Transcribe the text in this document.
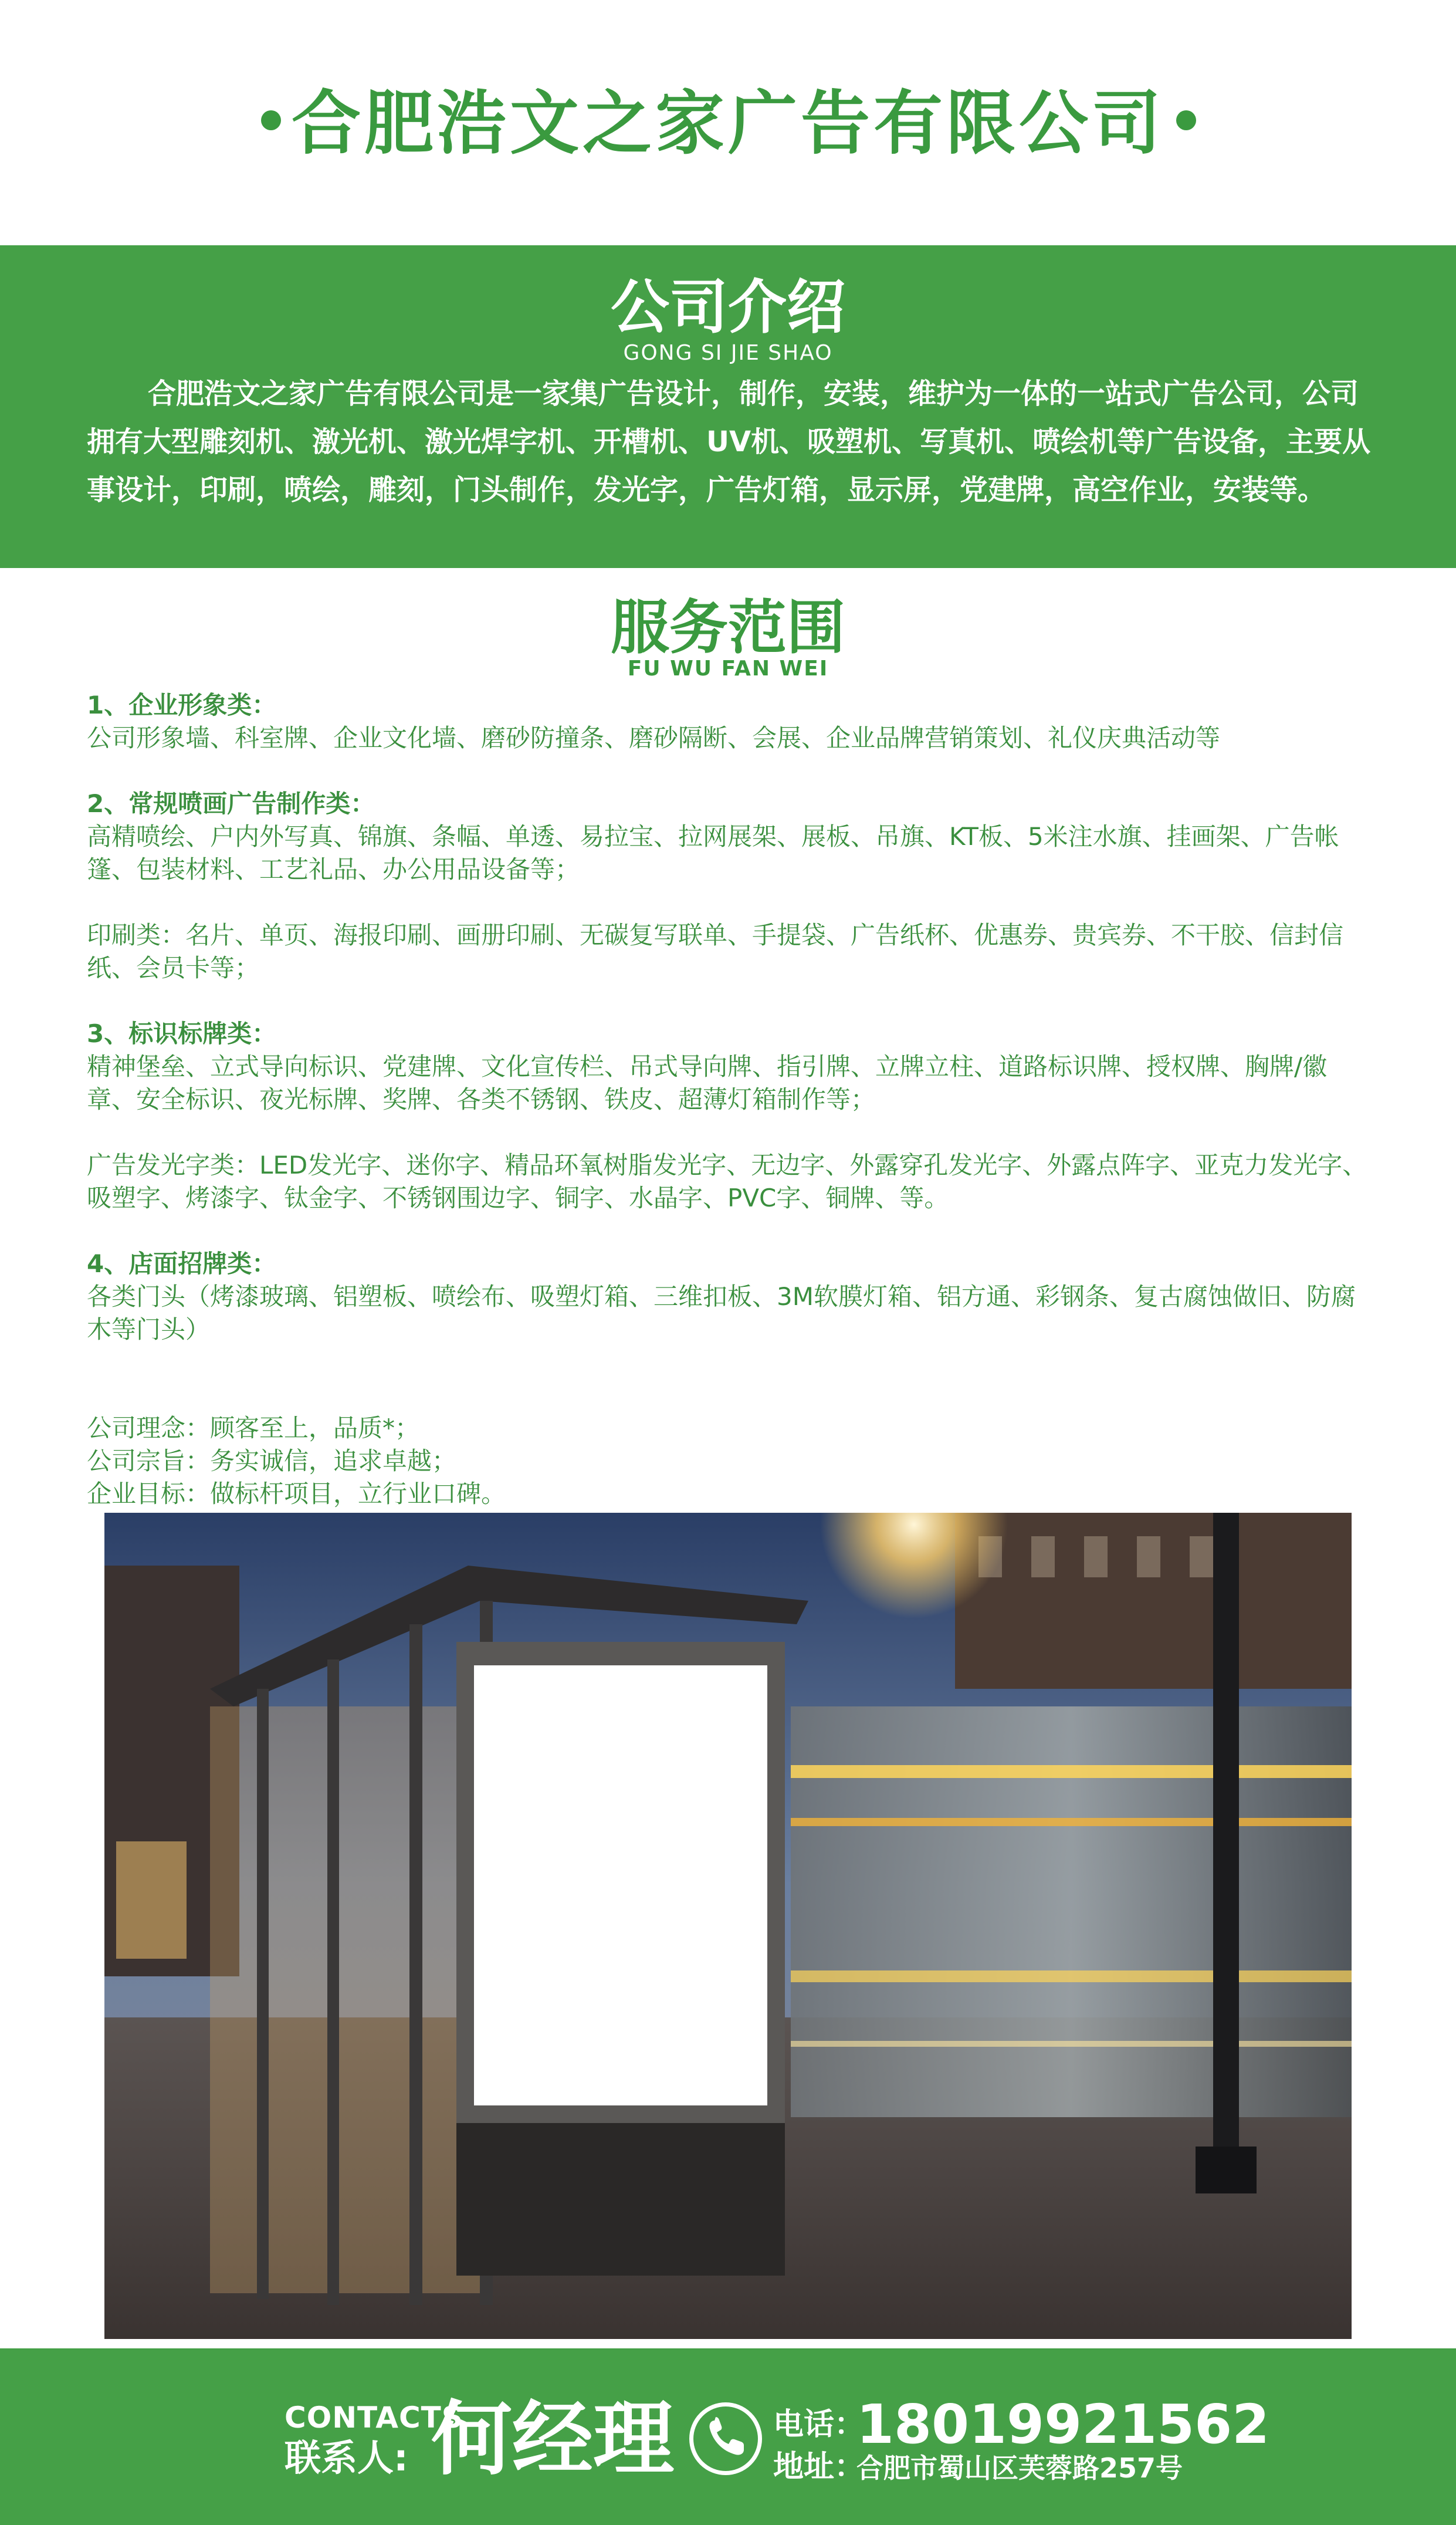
合肥浩文之家广告有限公司
公司介绍
GONG SI JIE SHAO
合肥浩文之家广告有限公司是一家集广告设计，制作，安装，维护为一体的一站式广告公司，公司拥有大型雕刻机、激光机、激光焊字机、开槽机、UV机、吸塑机、写真机、喷绘机等广告设备，主要从事设计，印刷，喷绘，雕刻，门头制作，发光字，广告灯箱，显示屏，党建牌，高空作业，安装等。
服务范围
FU WU FAN WEI
1、企业形象类：
公司形象墙、科室牌、企业文化墙、磨砂防撞条、磨砂隔断、会展、企业品牌营销策划、礼仪庆典活动等
2、常规喷画广告制作类：
高精喷绘、户内外写真、锦旗、条幅、单透、易拉宝、拉网展架、展板、吊旗、KT板、5米注水旗、挂画架、广告帐篷、包装材料、工艺礼品、办公用品设备等；
印刷类：名片、单页、海报印刷、画册印刷、无碳复写联单、手提袋、广告纸杯、优惠券、贵宾券、不干胶、信封信纸、会员卡等；
3、标识标牌类：
精神堡垒、立式导向标识、党建牌、文化宣传栏、吊式导向牌、指引牌、立牌立柱、道路标识牌、授权牌、胸牌/徽章、安全标识、夜光标牌、奖牌、各类不锈钢、铁皮、超薄灯箱制作等；
广告发光字类：LED发光字、迷你字、精品环氧树脂发光字、无边字、外露穿孔发光字、外露点阵字、亚克力发光字、吸塑字、烤漆字、钛金字、不锈钢围边字、铜字、水晶字、PVC字、铜牌、等。
4、店面招牌类：
各类门头（烤漆玻璃、铝塑板、喷绘布、吸塑灯箱、三维扣板、3M软膜灯箱、铝方通、彩钢条、复古腐蚀做旧、防腐木等门头）
公司理念：顾客至上，品质*；
公司宗旨：务实诚信，追求卓越；
企业目标：做标杆项目，立行业口碑。
CONTACTS
联系人: 何经理	电话：
18019921562
地址：
合肥市蜀山区芙蓉路257号
